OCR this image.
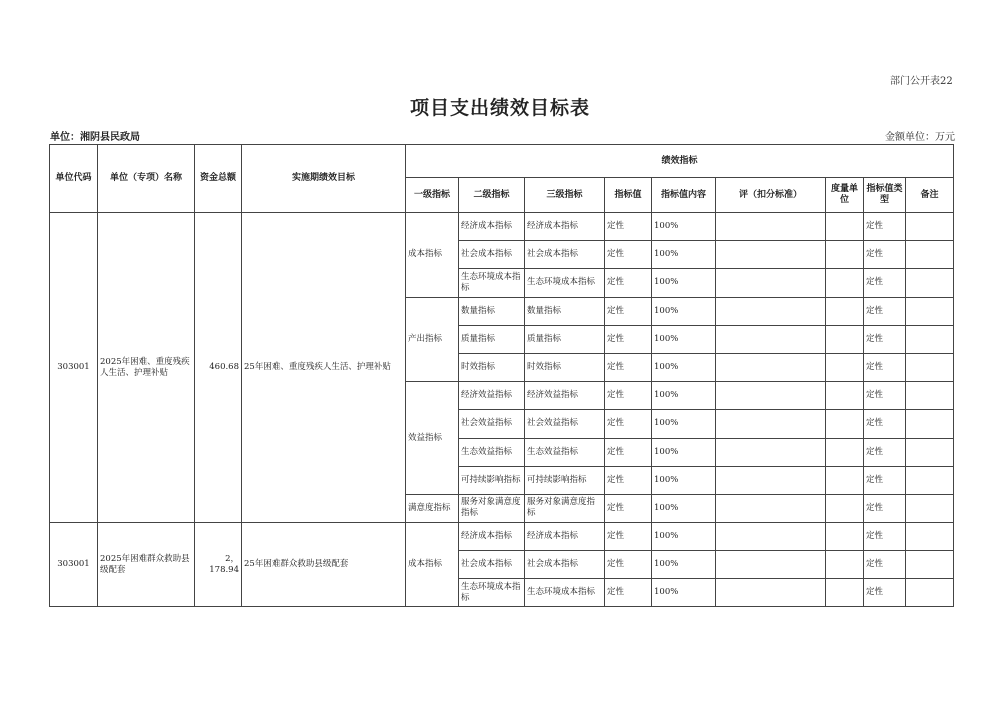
部门公开表22
项目支出绩效目标表
单位：湘阴县民政局	金额单位：万元
单位代码	单位（专项）名称	资金总额	实施期绩效目标	绩效指标								
				一级指标	二级指标	三级指标	指标值	指标值内容	评（扣分标准）	度量单位	指标值类型	备注
303001	2025年困难、重度残疾人生活、护理补贴	460.68	25年困难、重度残疾人生活、护理补贴	成本指标	经济成本指标	经济成本指标	定性	100%			定性	
					社会成本指标	社会成本指标	定性	100%			定性	
					生态环境成本指标	生态环境成本指标	定性	100%			定性	
				产出指标	数量指标	数量指标	定性	100%			定性	
					质量指标	质量指标	定性	100%			定性	
					时效指标	时效指标	定性	100%			定性	
				效益指标	经济效益指标	经济效益指标	定性	100%			定性	
					社会效益指标	社会效益指标	定性	100%			定性	
					生态效益指标	生态效益指标	定性	100%			定性	
					可持续影响指标	可持续影响指标	定性	100%			定性	
				满意度指标	服务对象满意度指标	服务对象满意度指标	定性	100%			定性	
303001	2025年困难群众救助县级配套	2，178.94	25年困难群众救助县级配套	成本指标	经济成本指标	经济成本指标	定性	100%			定性	
					社会成本指标	社会成本指标	定性	100%			定性	
					生态环境成本指标	生态环境成本指标	定性	100%			定性	
